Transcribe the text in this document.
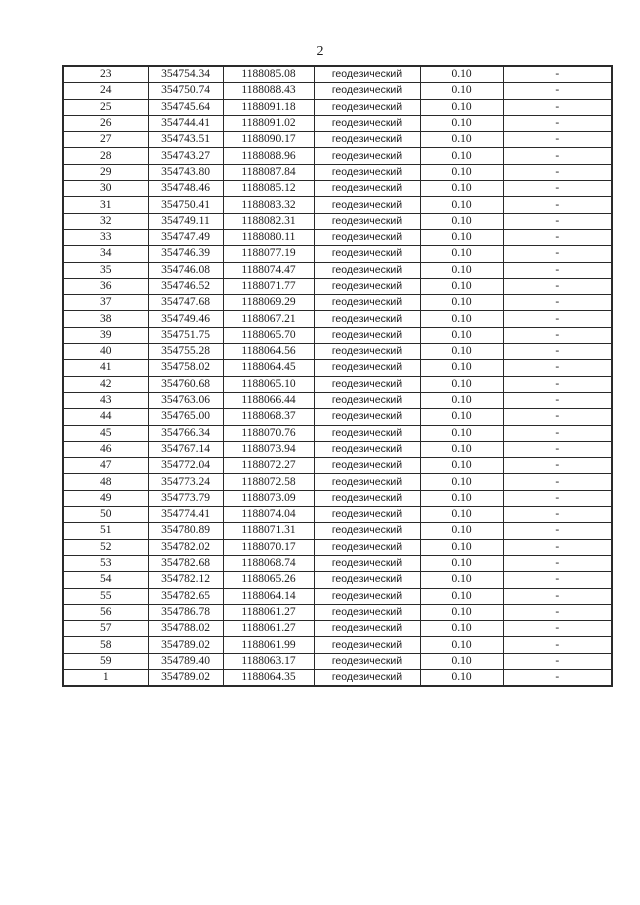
2
23	354754.34	1188085.08	геодезический	0.10	-
24	354750.74	1188088.43	геодезический	0.10	-
25	354745.64	1188091.18	геодезический	0.10	-
26	354744.41	1188091.02	геодезический	0.10	-
27	354743.51	1188090.17	геодезический	0.10	-
28	354743.27	1188088.96	геодезический	0.10	-
29	354743.80	1188087.84	геодезический	0.10	-
30	354748.46	1188085.12	геодезический	0.10	-
31	354750.41	1188083.32	геодезический	0.10	-
32	354749.11	1188082.31	геодезический	0.10	-
33	354747.49	1188080.11	геодезический	0.10	-
34	354746.39	1188077.19	геодезический	0.10	-
35	354746.08	1188074.47	геодезический	0.10	-
36	354746.52	1188071.77	геодезический	0.10	-
37	354747.68	1188069.29	геодезический	0.10	-
38	354749.46	1188067.21	геодезический	0.10	-
39	354751.75	1188065.70	геодезический	0.10	-
40	354755.28	1188064.56	геодезический	0.10	-
41	354758.02	1188064.45	геодезический	0.10	-
42	354760.68	1188065.10	геодезический	0.10	-
43	354763.06	1188066.44	геодезический	0.10	-
44	354765.00	1188068.37	геодезический	0.10	-
45	354766.34	1188070.76	геодезический	0.10	-
46	354767.14	1188073.94	геодезический	0.10	-
47	354772.04	1188072.27	геодезический	0.10	-
48	354773.24	1188072.58	геодезический	0.10	-
49	354773.79	1188073.09	геодезический	0.10	-
50	354774.41	1188074.04	геодезический	0.10	-
51	354780.89	1188071.31	геодезический	0.10	-
52	354782.02	1188070.17	геодезический	0.10	-
53	354782.68	1188068.74	геодезический	0.10	-
54	354782.12	1188065.26	геодезический	0.10	-
55	354782.65	1188064.14	геодезический	0.10	-
56	354786.78	1188061.27	геодезический	0.10	-
57	354788.02	1188061.27	геодезический	0.10	-
58	354789.02	1188061.99	геодезический	0.10	-
59	354789.40	1188063.17	геодезический	0.10	-
1	354789.02	1188064.35	геодезический	0.10	-
